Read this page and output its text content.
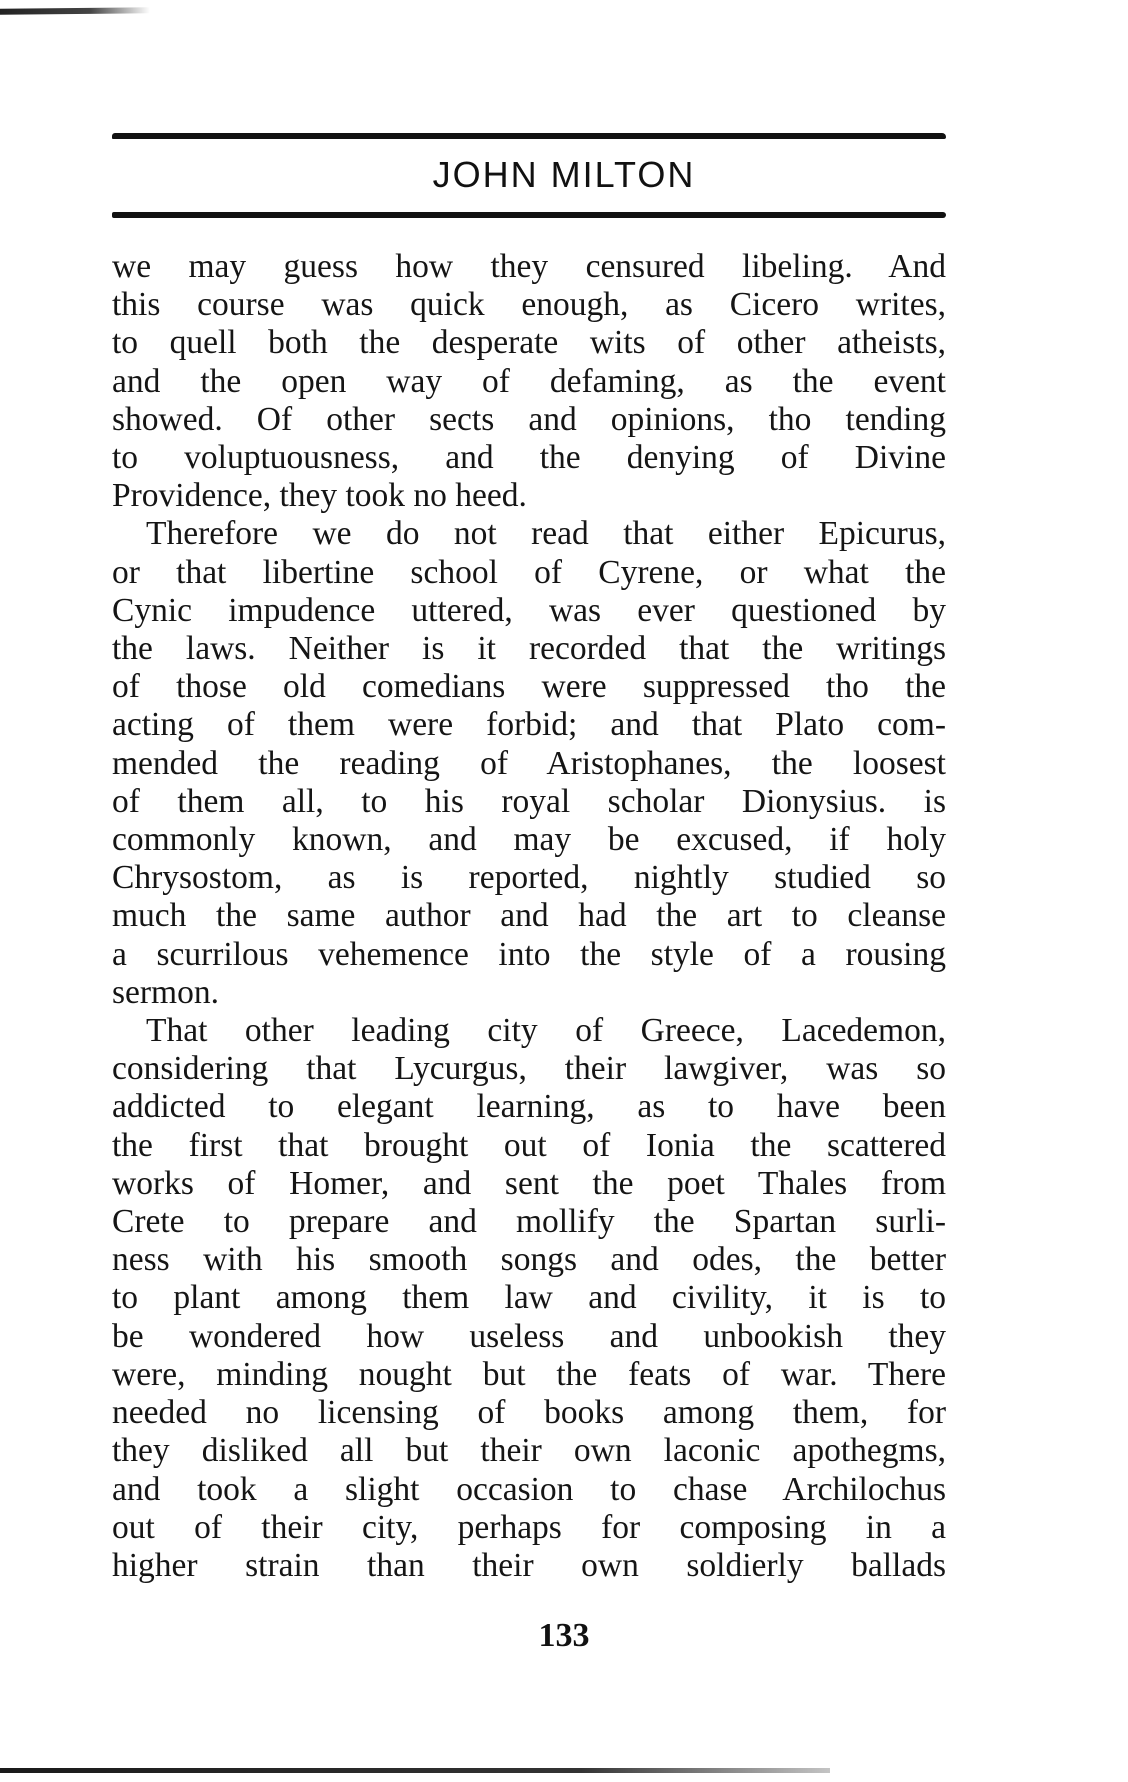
JOHN MILTON

we may guess how they censured libeling. And
this course was quick enough, as Cicero writes,
to quell both the desperate wits of other atheists,
and the open way of defaming, as the event
showed. Of other sects and opinions, tho tending
to voluptuousness, and the denying of Divine
Providence, they took no heed.

Therefore we do not read that either Epicurus,
or that libertine school of Cyrene, or what the
Cynic impudence uttered, was ever questioned by
the laws. Neither is it recorded that the writings
of those old comedians were suppressed tho the
acting of them were forbid; and that Plato com-
mended the reading of Aristophanes, the loosest
of them all, to his royal scholar Dionysius. is
commonly known, and may be excused, if holy
Chrysostom, as is reported, nightly studied so
much the same author and had the art to cleanse
a scurrilous vehemence into the style of a rousing
sermon.

That other leading city of Greece, Lacedemon,
considering that Lycurgus, their lawgiver, was so
addicted to elegant learning, as to have been
the first that brought out of Ionia the scattered
works of Homer, and sent the poet Thales from
Crete to prepare and mollify the Spartan surli-
ness with his smooth songs and odes, the better
to plant among them law and civility, it is to
be wondered how useless and unbookish they
were, minding nought but the feats of war. There
needed no licensing of books among them, for
they disliked all but their own laconic apothegms,
and took a slight occasion to chase Archilochus
out of their city, perhaps for composing in a
higher strain than their own soldierly ballads

133
